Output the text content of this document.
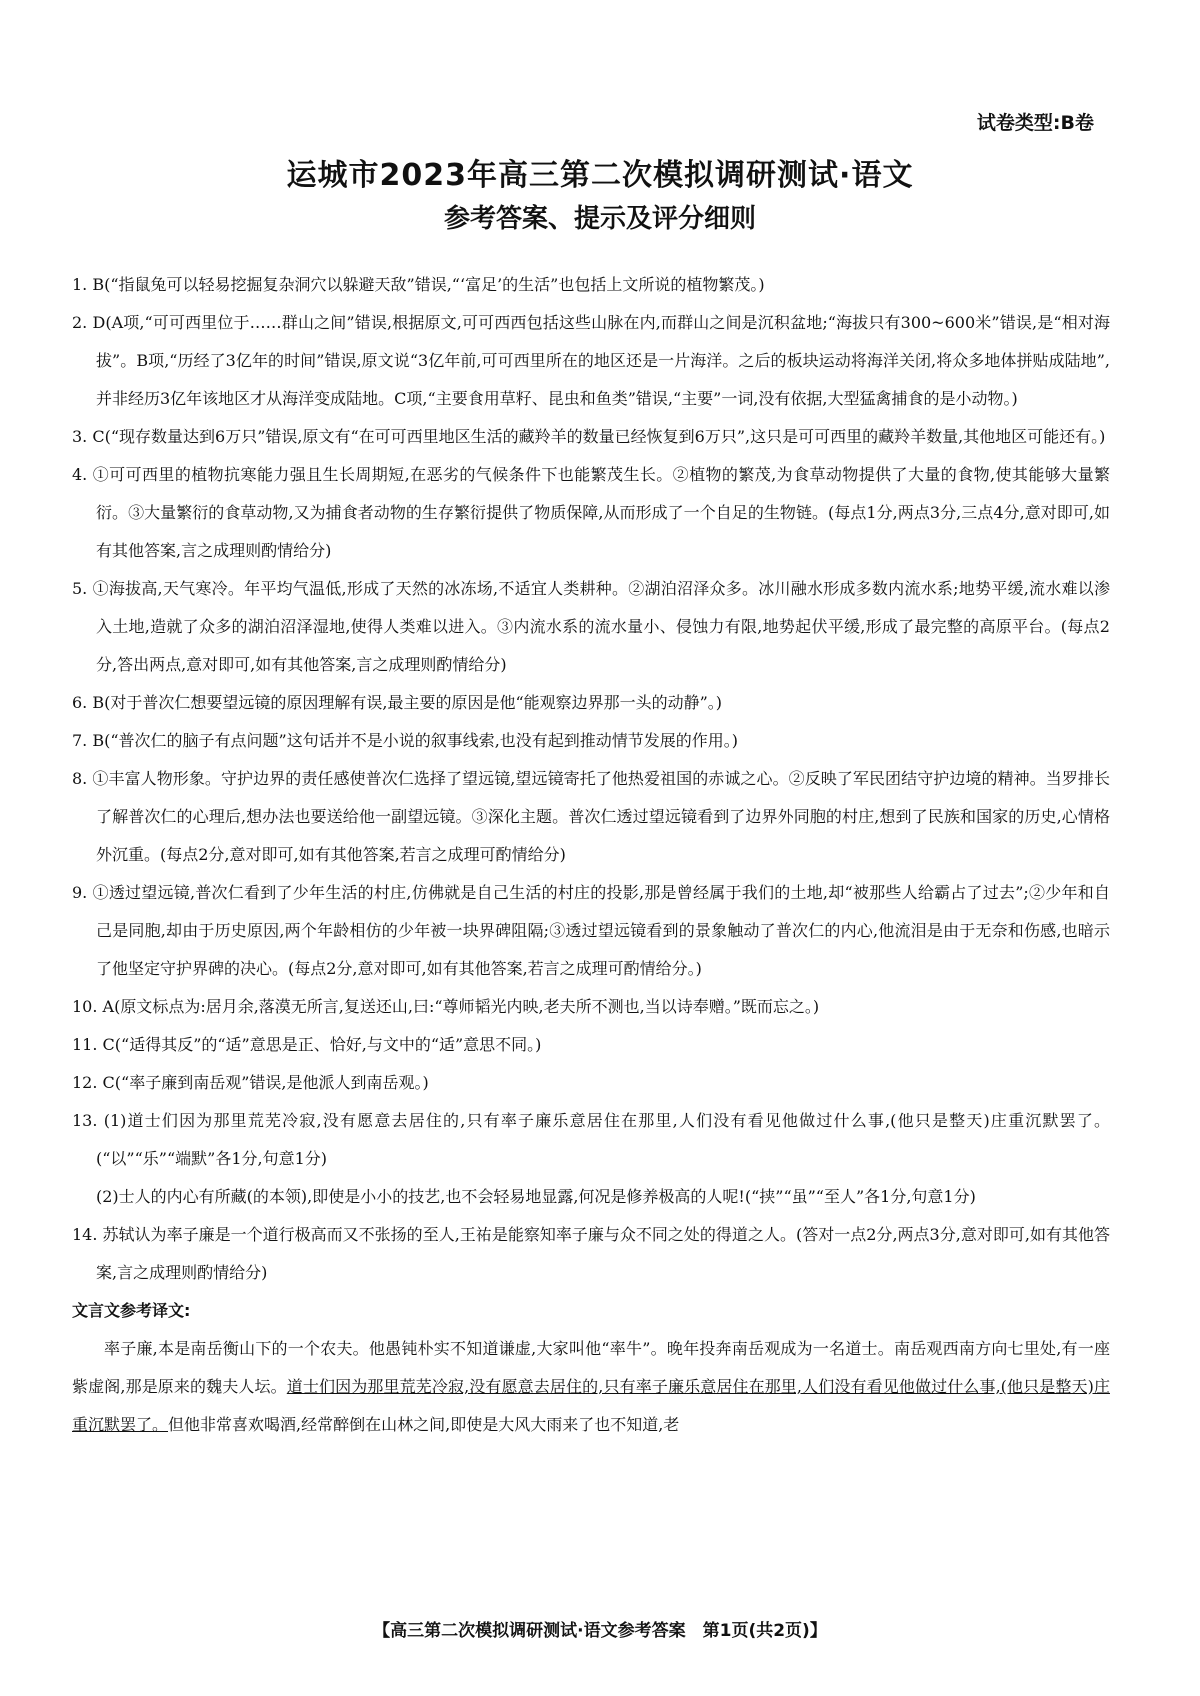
试卷类型:B卷
运城市2023年高三第二次模拟调研测试·语文
参考答案、提示及评分细则

1. B(“指鼠兔可以轻易挖掘复杂洞穴以躲避天敌”错误,“‘富足’的生活”也包括上文所说的植物繁茂。)

2. D(A项,“可可西里位于……群山之间”错误,根据原文,可可西西包括这些山脉在内,而群山之间是沉积盆地;“海拔只有300~600米”错误,是“相对海拔”。B项,“历经了3亿年的时间”错误,原文说“3亿年前,可可西里所在的地区还是一片海洋。之后的板块运动将海洋关闭,将众多地体拼贴成陆地”,并非经历3亿年该地区才从海洋变成陆地。C项,“主要食用草籽、昆虫和鱼类”错误,“主要”一词,没有依据,大型猛禽捕食的是小动物。)

3. C(“现存数量达到6万只”错误,原文有“在可可西里地区生活的藏羚羊的数量已经恢复到6万只”,这只是可可西里的藏羚羊数量,其他地区可能还有。)

4. ①可可西里的植物抗寒能力强且生长周期短,在恶劣的气候条件下也能繁茂生长。②植物的繁茂,为食草动物提供了大量的食物,使其能够大量繁衍。③大量繁衍的食草动物,又为捕食者动物的生存繁衍提供了物质保障,从而形成了一个自足的生物链。(每点1分,两点3分,三点4分,意对即可,如有其他答案,言之成理则酌情给分)

5. ①海拔高,天气寒冷。年平均气温低,形成了天然的冰冻场,不适宜人类耕种。②湖泊沼泽众多。冰川融水形成多数内流水系;地势平缓,流水难以渗入土地,造就了众多的湖泊沼泽湿地,使得人类难以进入。③内流水系的流水量小、侵蚀力有限,地势起伏平缓,形成了最完整的高原平台。(每点2分,答出两点,意对即可,如有其他答案,言之成理则酌情给分)

6. B(对于普次仁想要望远镜的原因理解有误,最主要的原因是他“能观察边界那一头的动静”。)

7. B(“普次仁的脑子有点问题”这句话并不是小说的叙事线索,也没有起到推动情节发展的作用。)

8. ①丰富人物形象。守护边界的责任感使普次仁选择了望远镜,望远镜寄托了他热爱祖国的赤诚之心。②反映了军民团结守护边境的精神。当罗排长了解普次仁的心理后,想办法也要送给他一副望远镜。③深化主题。普次仁透过望远镜看到了边界外同胞的村庄,想到了民族和国家的历史,心情格外沉重。(每点2分,意对即可,如有其他答案,若言之成理可酌情给分)

9. ①透过望远镜,普次仁看到了少年生活的村庄,仿佛就是自己生活的村庄的投影,那是曾经属于我们的土地,却“被那些人给霸占了过去”;②少年和自己是同胞,却由于历史原因,两个年龄相仿的少年被一块界碑阻隔;③透过望远镜看到的景象触动了普次仁的内心,他流泪是由于无奈和伤感,也暗示了他坚定守护界碑的决心。(每点2分,意对即可,如有其他答案,若言之成理可酌情给分。)

10. A(原文标点为:居月余,落漠无所言,复送还山,曰:“尊师韬光内映,老夫所不测也,当以诗奉赠。”既而忘之。)

11. C(“适得其反”的“适”意思是正、恰好,与文中的“适”意思不同。)

12. C(“率子廉到南岳观”错误,是他派人到南岳观。)

13. (1)道士们因为那里荒芜冷寂,没有愿意去居住的,只有率子廉乐意居住在那里,人们没有看见他做过什么事,(他只是整天)庄重沉默罢了。(“以”“乐”“端默”各1分,句意1分)

(2)士人的内心有所藏(的本领),即使是小小的技艺,也不会轻易地显露,何况是修养极高的人呢!(“挟”“虽”“至人”各1分,句意1分)

14. 苏轼认为率子廉是一个道行极高而又不张扬的至人,王祐是能察知率子廉与众不同之处的得道之人。(答对一点2分,两点3分,意对即可,如有其他答案,言之成理则酌情给分)

文言文参考译文:

率子廉,本是南岳衡山下的一个农夫。他愚钝朴实不知道谦虚,大家叫他“率牛”。晚年投奔南岳观成为一名道士。南岳观西南方向七里处,有一座紫虚阁,那是原来的魏夫人坛。道士们因为那里荒芜冷寂,没有愿意去居住的,只有率子廉乐意居住在那里,人们没有看见他做过什么事,(他只是整天)庄重沉默罢了。但他非常喜欢喝酒,经常醉倒在山林之间,即使是大风大雨来了也不知道,老

【高三第二次模拟调研测试·语文参考答案　第1页(共2页)】
